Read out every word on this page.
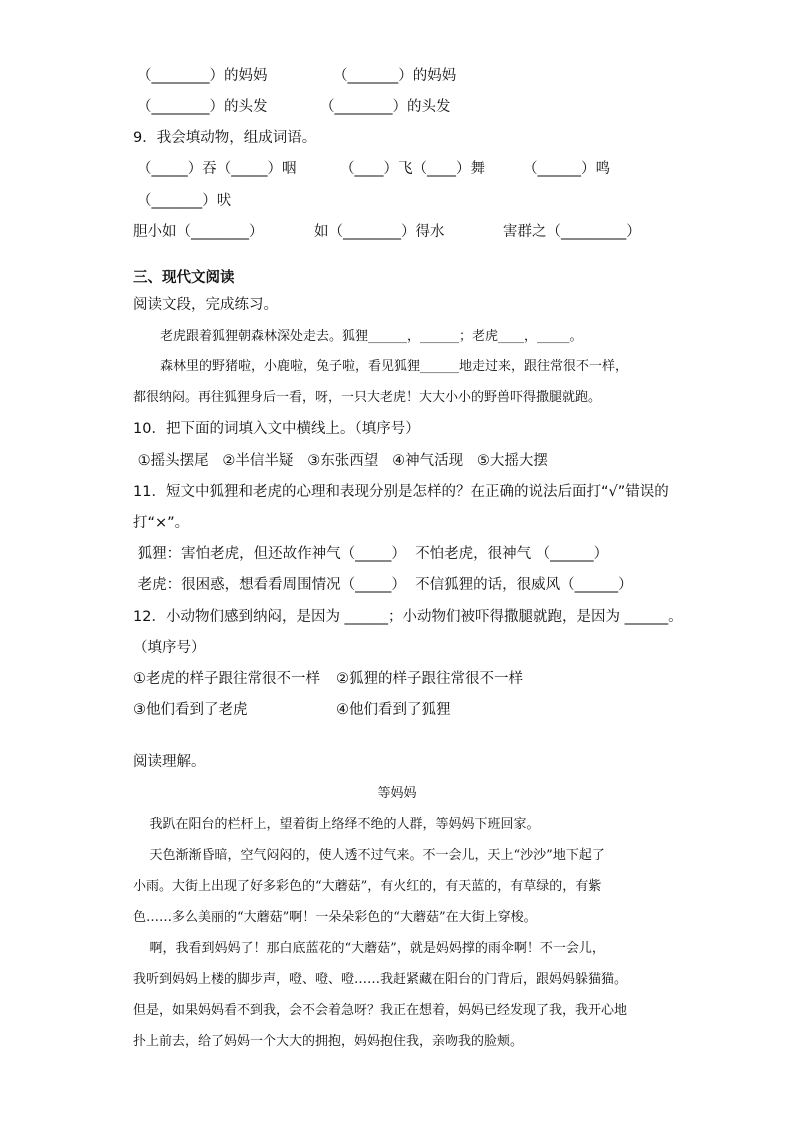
（________）的妈妈	（_______）的妈妈
（________）的头发	（________）的头发
9．我会填动物，组成词语。
（_____）吞（_____）咽	（____）飞（____）舞	（______）鸣
（_______）吠
胆小如（________）	如（________）得水	害群之（_________）
三、现代文阅读
阅读文段，完成练习。
老虎跟着狐狸朝森林深处走去。狐狸______，______；老虎____，_____。
森林里的野猪啦，小鹿啦，兔子啦，看见狐狸______地走过来，跟往常很不一样，
都很纳闷。再往狐狸身后一看，呀，一只大老虎！大大小小的野兽吓得撒腿就跑。
10．把下面的词填入文中横线上。（填序号）
①摇头摆尾   ②半信半疑   ③东张西望   ④神气活现   ⑤大摇大摆
11．短文中狐狸和老虎的心理和表现分别是怎样的？在正确的说法后面打“√”错误的
打“×”。
狐狸：害怕老虎，但还故作神气（_____）  不怕老虎，很神气 （______）
老虎：很困惑，想看看周围情况（_____）  不信狐狸的话，很威风（______）
12．小动物们感到纳闷，是因为 ______；小动物们被吓得撒腿就跑，是因为 ______。
（填序号）
①老虎的样子跟往常很不一样 ②狐狸的样子跟往常很不一样
③他们看到了老虎	④他们看到了狐狸
阅读理解。
等妈妈
我趴在阳台的栏杆上，望着街上络绎不绝的人群，等妈妈下班回家。
天色渐渐昏暗，空气闷闷的，使人透不过气来。不一会儿，天上“沙沙”地下起了
小雨。大街上出现了好多彩色的“大蘑菇”，有火红的，有天蓝的，有草绿的，有紫
色……多么美丽的“大蘑菇”啊！一朵朵彩色的“大蘑菇”在大街上穿梭。
啊，我看到妈妈了！那白底蓝花的“大蘑菇”，就是妈妈撑的雨伞啊！不一会儿，
我听到妈妈上楼的脚步声，噔、噔、噔……我赶紧藏在阳台的门背后，跟妈妈躲猫猫。
但是，如果妈妈看不到我，会不会着急呀？我正在想着，妈妈已经发现了我，我开心地
扑上前去，给了妈妈一个大大的拥抱，妈妈抱住我，亲吻我的脸颊。
